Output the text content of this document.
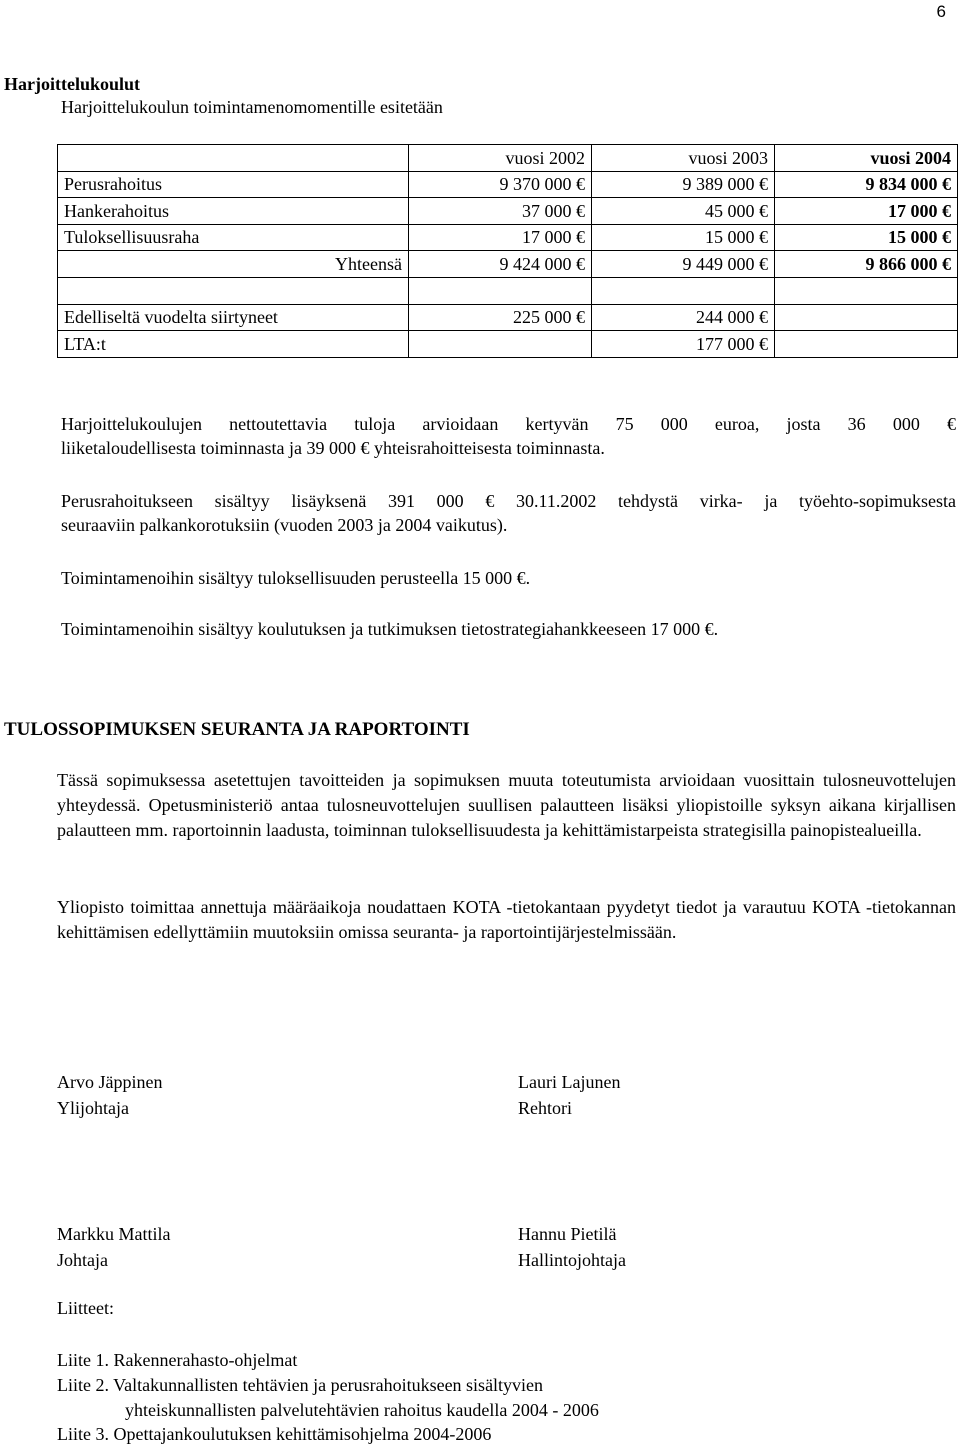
6
Harjoittelukoulut
Harjoittelukoulun toimintamenomomentille esitetään
	vuosi 2002	vuosi 2003	vuosi 2004
Perusrahoitus	9 370 000 €	9 389 000 €	9 834 000 €
Hankerahoitus	37 000 €	45 000 €	17 000 €
Tuloksellisuusraha	17 000 €	15 000 €	15 000 €
Yhteensä	9 424 000 €	9 449 000 €	9 866 000 €

Edelliseltä vuodelta siirtyneet	225 000 €	244 000 €	
LTA:t		177 000 €	
Harjoittelukoulujen nettoutettavia tuloja arvioidaan kertyvän 75 000 euroa, josta 36 000 €
liiketaloudellisesta toiminnasta ja 39 000 € yhteisrahoitteisesta toiminnasta.
Perusrahoitukseen sisältyy lisäyksenä 391 000 € 30.11.2002 tehdystä virka- ja työehto-sopimuksesta
seuraaviin palkankorotuksiin (vuoden 2003 ja 2004 vaikutus).
Toimintamenoihin sisältyy tuloksellisuuden perusteella 15 000 €.
Toimintamenoihin sisältyy koulutuksen ja tutkimuksen tietostrategiahankkeeseen 17 000 €.
TULOSSOPIMUKSEN SEURANTA JA RAPORTOINTI
Tässä sopimuksessa asetettujen tavoitteiden ja sopimuksen muuta toteutumista arvioidaan vuosittain tulosneuvottelujen yhteydessä. Opetusministeriö antaa tulosneuvottelujen suullisen palautteen lisäksi yliopistoille syksyn aikana kirjallisen palautteen mm. raportoinnin laadusta, toiminnan tuloksellisuudesta ja kehittämistarpeista strategisilla painopistealueilla.
Yliopisto toimittaa annettuja määräaikoja noudattaen KOTA -tietokantaan pyydetyt tiedot ja varautuu KOTA -tietokannan kehittämisen edellyttämiin muutoksiin omissa seuranta- ja raportointijärjestelmissään.
Arvo Jäppinen
Ylijohtaja
Lauri Lajunen
Rehtori
Markku Mattila
Johtaja
Hannu Pietilä
Hallintojohtaja
Liitteet:
Liite 1. Rakennerahasto-ohjelmat
Liite 2. Valtakunnallisten tehtävien ja perusrahoitukseen sisältyvien
yhteiskunnallisten palvelutehtävien rahoitus kaudella 2004 - 2006
Liite 3. Opettajankoulutuksen kehittämisohjelma 2004-2006
